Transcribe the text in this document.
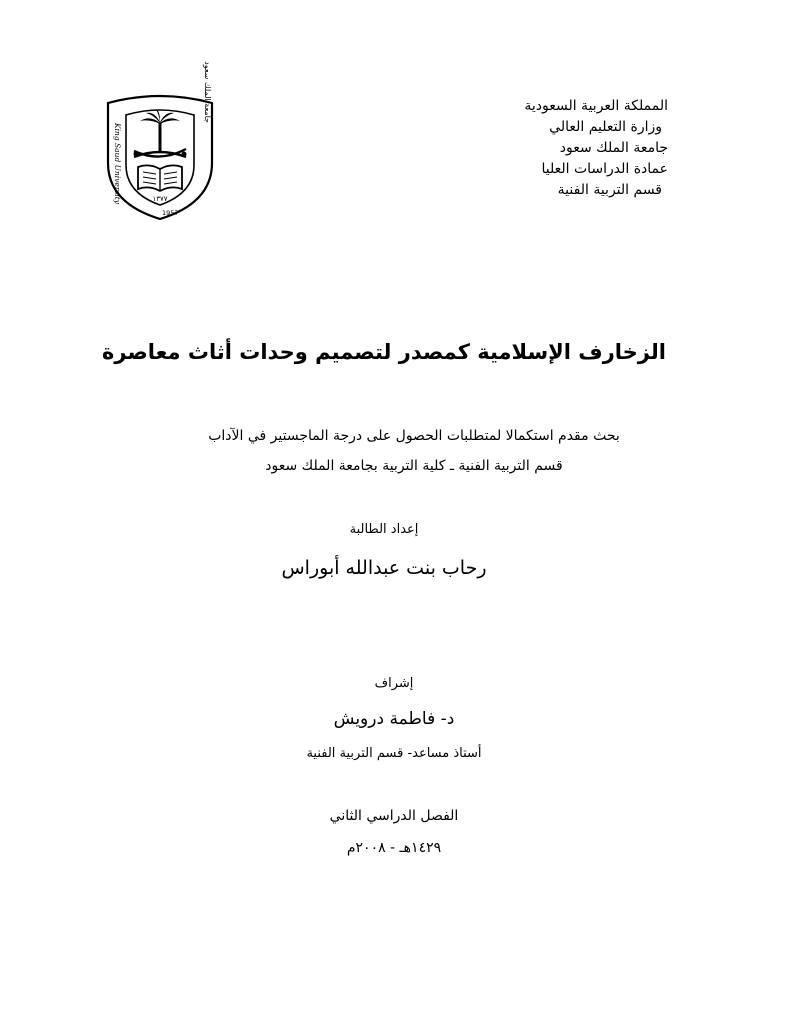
المملكة العربية السعودية
وزارة التعليم العالي
جامعة الملك سعود
عمادة الدراسات العليا
قسم التربية الفنية
١٣٧٧
King Saud University
جامعة الملك سعود
1957
الزخارف الإسلامية كمصدر لتصميم وحدات أثاث معاصرة
بحث مقدم استكمالا لمتطلبات الحصول على درجة الماجستير في الآداب
قسم التربية الفنية ـ كلية التربية بجامعة الملك سعود
إعداد الطالبة
رحاب بنت عبدالله أبوراس
إشراف
د- فاطمة درويش
أستاذ مساعد- قسم التربية الفنية
الفصل الدراسي الثاني
١٤٢٩هـ - ٢٠٠٨م
